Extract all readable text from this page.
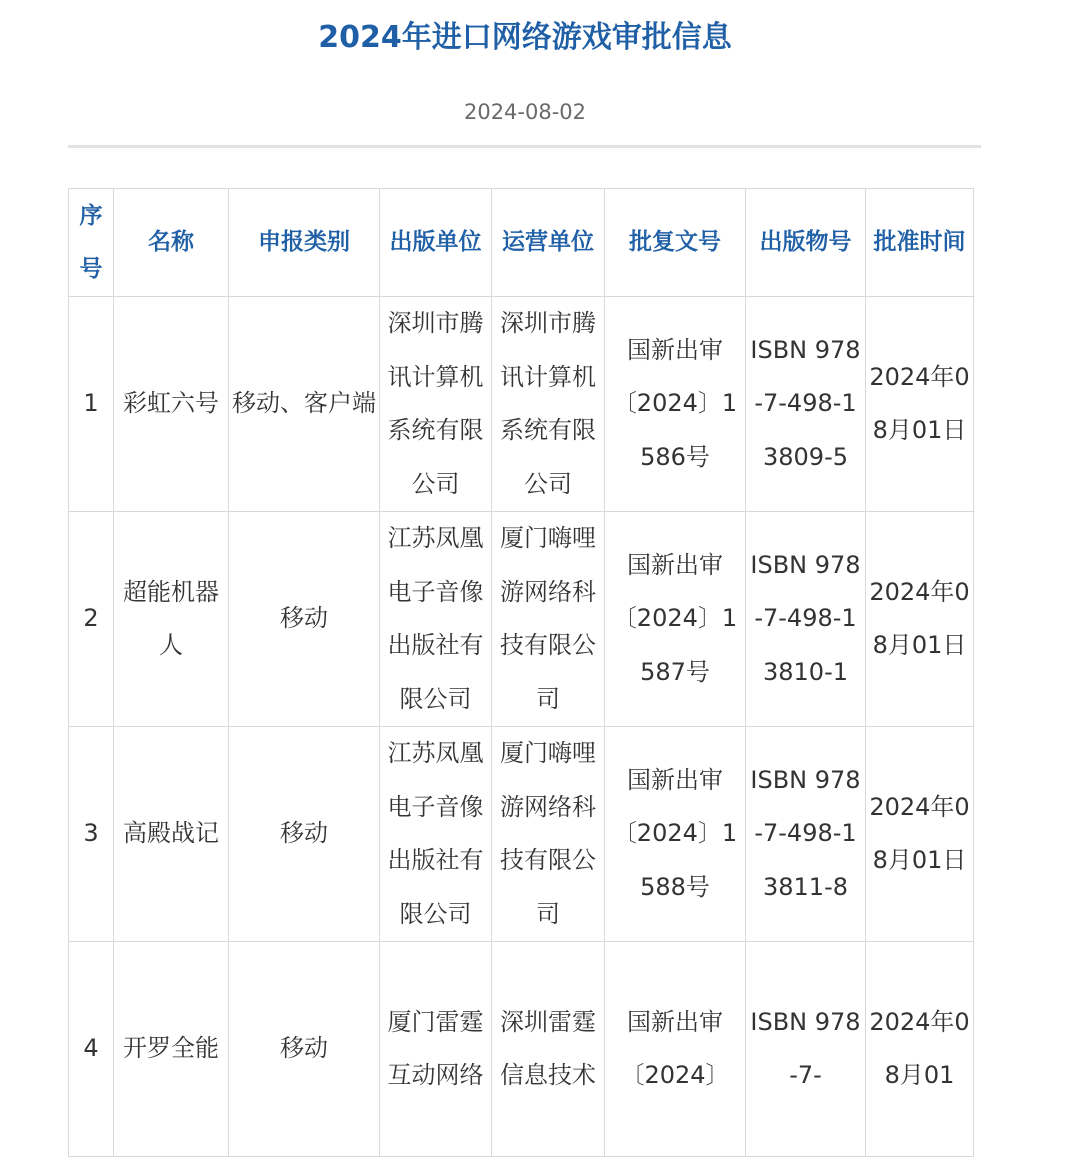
2024年进口网络游戏审批信息
2024-08-02
序号	名称	申报类别	出版单位	运营单位	批复文号	出版物号	批准时间

1	彩虹六号	移动、客户端	深圳市腾讯计算机系统有限公司	深圳市腾讯计算机系统有限公司	国新出审〔2024〕1586号	ISBN 978-7-498-13809-5	2024年08月01日

2	超能机器人	移动	江苏凤凰电子音像出版社有限公司	厦门嗨哩游网络科技有限公司	国新出审〔2024〕1587号	ISBN 978-7-498-13810-1	2024年08月01日

3	高殿战记	移动	江苏凤凰电子音像出版社有限公司	厦门嗨哩游网络科技有限公司	国新出审〔2024〕1588号	ISBN 978-7-498-13811-8	2024年08月01日

4	开罗全能	移动	厦门雷霆互动网络	深圳雷霆信息技术	国新出审〔2024〕	ISBN 978-7-	2024年08月01
